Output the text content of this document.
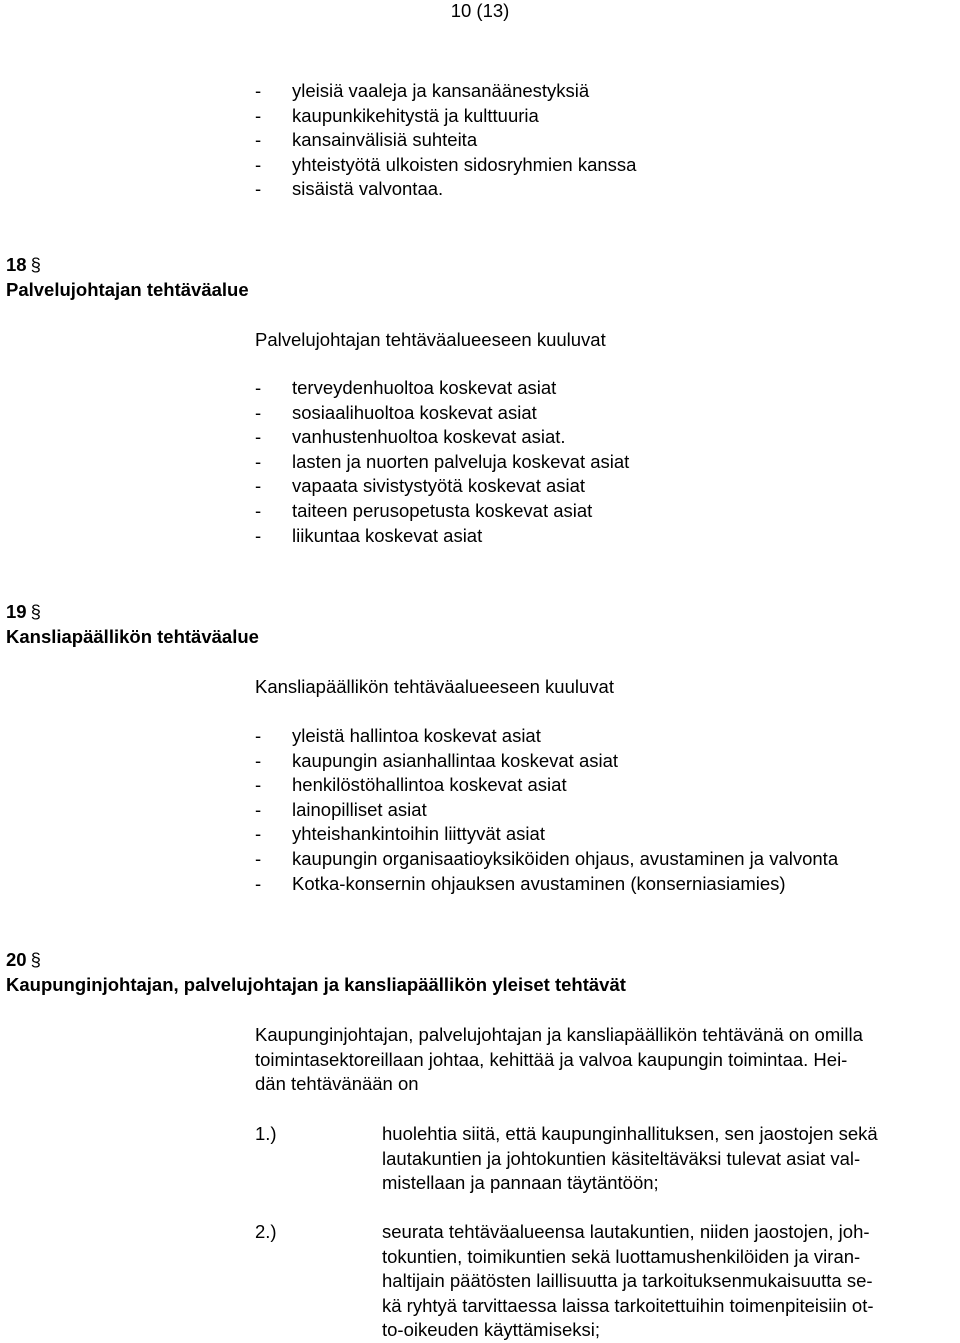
10 (13)
-	yleisiä vaaleja ja kansanäänestyksiä
-	kaupunkikehitystä ja kulttuuria
-	kansainvälisiä suhteita
-	yhteistyötä ulkoisten sidosryhmien kanssa
-	sisäistä valvontaa.
18 §
Palvelujohtajan tehtäväalue
Palvelujohtajan tehtäväalueeseen kuuluvat
-	terveydenhuoltoa koskevat asiat
-	sosiaalihuoltoa koskevat asiat
-	vanhustenhuoltoa koskevat asiat.
-	lasten ja nuorten palveluja koskevat asiat
-	vapaata sivistystyötä koskevat asiat
-	taiteen perusopetusta koskevat asiat
-	liikuntaa koskevat asiat
19 §
Kansliapäällikön tehtäväalue
Kansliapäällikön tehtäväalueeseen kuuluvat
-	yleistä hallintoa koskevat asiat
-	kaupungin asianhallintaa koskevat asiat
-	henkilöstöhallintoa koskevat asiat
-	lainopilliset asiat
-	yhteishankintoihin liittyvät asiat
-	kaupungin organisaatioyksiköiden ohjaus, avustaminen ja valvonta
-	Kotka-konsernin ohjauksen avustaminen (konserniasiamies)
20 §
Kaupunginjohtajan, palvelujohtajan ja kansliapäällikön yleiset tehtävät
Kaupunginjohtajan, palvelujohtajan ja kansliapäällikön tehtävänä on omilla
toimintasektoreillaan johtaa, kehittää ja valvoa kaupungin toimintaa. Hei-
dän tehtävänään on
1.)	huolehtia siitä, että kaupunginhallituksen, sen jaostojen sekä
lautakuntien ja johtokuntien käsiteltäväksi tulevat asiat val-
mistellaan ja pannaan täytäntöön;
2.)	seurata tehtäväalueensa lautakuntien, niiden jaostojen, joh-
tokuntien, toimikuntien sekä luottamushenkilöiden ja viran-
haltijain päätösten laillisuutta ja tarkoituksenmukaisuutta se-
kä ryhtyä tarvittaessa laissa tarkoitettuihin toimenpiteisiin ot-
to-oikeuden käyttämiseksi;
